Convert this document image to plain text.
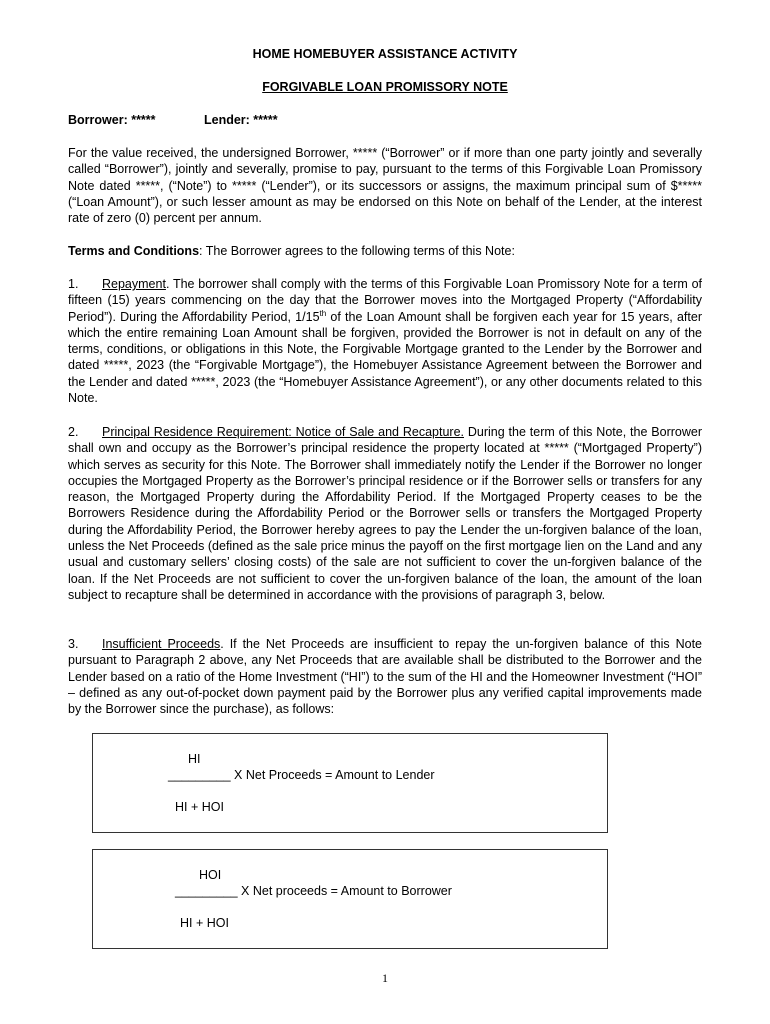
HOME HOMEBUYER ASSISTANCE ACTIVITY
FORGIVABLE LOAN PROMISSORY NOTE
Borrower: *****	Lender: *****
For the value received, the undersigned Borrower, ***** (“Borrower” or if more than one party jointly and severally called “Borrower”), jointly and severally, promise to pay, pursuant to the terms of this Forgivable Loan Promissory Note dated *****, (“Note”) to ***** (“Lender”), or its successors or assigns, the maximum principal sum of $***** (“Loan Amount”), or such lesser amount as may be endorsed on this Note on behalf of the Lender, at the interest rate of zero (0) percent per annum.
Terms and Conditions: The Borrower agrees to the following terms of this Note:
1. Repayment. The borrower shall comply with the terms of this Forgivable Loan Promissory Note for a term of fifteen (15) years commencing on the day that the Borrower moves into the Mortgaged Property (“Affordability Period”). During the Affordability Period, 1/15th of the Loan Amount shall be forgiven each year for 15 years, after which the entire remaining Loan Amount shall be forgiven, provided the Borrower is not in default on any of the terms, conditions, or obligations in this Note, the Forgivable Mortgage granted to the Lender by the Borrower and dated *****, 2023 (the “Forgivable Mortgage”), the Homebuyer Assistance Agreement between the Borrower and the Lender and dated *****, 2023 (the “Homebuyer Assistance Agreement”), or any other documents related to this Note.
2. Principal Residence Requirement: Notice of Sale and Recapture. During the term of this Note, the Borrower shall own and occupy as the Borrower’s principal residence the property located at ***** (“Mortgaged Property”) which serves as security for this Note. The Borrower shall immediately notify the Lender if the Borrower no longer occupies the Mortgaged Property as the Borrower’s principal residence or if the Borrower sells or transfers for any reason, the Mortgaged Property during the Affordability Period. If the Mortgaged Property ceases to be the Borrowers Residence during the Affordability Period or the Borrower sells or transfers the Mortgaged Property during the Affordability Period, the Borrower hereby agrees to pay the Lender the un-forgiven balance of the loan, unless the Net Proceeds (defined as the sale price minus the payoff on the first mortgage lien on the Land and any usual and customary sellers’ closing costs) of the sale are not sufficient to cover the un-forgiven balance of the loan. If the Net Proceeds are not sufficient to cover the un-forgiven balance of the loan, the amount of the loan subject to recapture shall be determined in accordance with the provisions of paragraph 3, below.
3. Insufficient Proceeds. If the Net Proceeds are insufficient to repay the un-forgiven balance of this Note pursuant to Paragraph 2 above, any Net Proceeds that are available shall be distributed to the Borrower and the Lender based on a ratio of the Home Investment (“HI”) to the sum of the HI and the Homeowner Investment (“HOI” – defined as any out-of-pocket down payment paid by the Borrower plus any verified capital improvements made by the Borrower since the purchase), as follows:
HI
_________ X Net Proceeds = Amount to Lender
HI + HOI
HOI
_________ X Net proceeds = Amount to Borrower
HI + HOI
1
